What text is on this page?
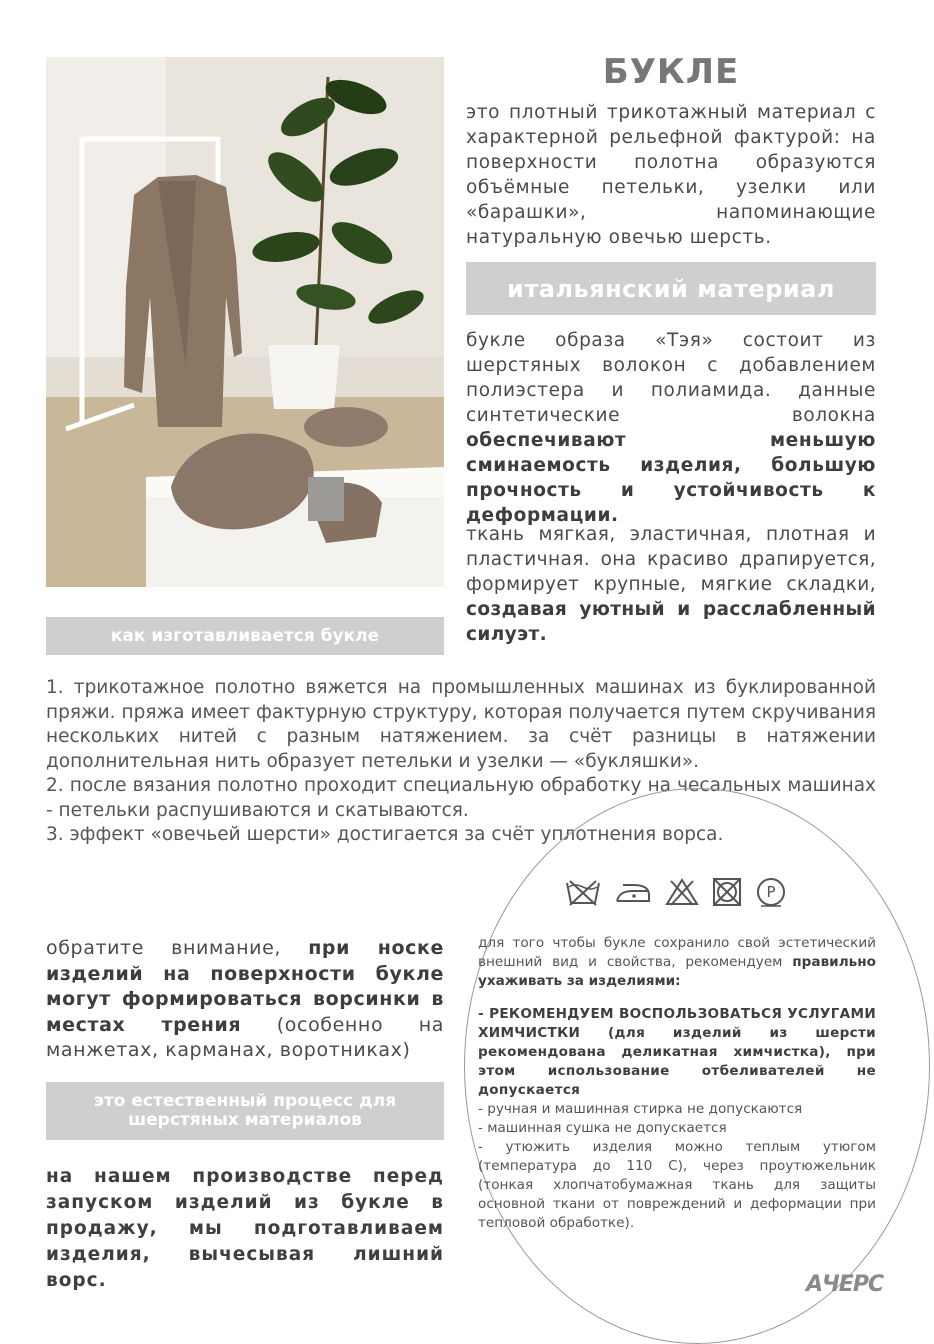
БУКЛЕ
это плотный трикотажный материал с характерной рельефной фактурой: на поверхности полотна образуются объёмные петельки, узелки или «барашки», напоминающие натуральную овечью шерсть.
итальянский материал
букле образа «Тэя» состоит из шерстяных волокон с добавлением полиэстера и полиамида. данные синтетические волокна обеспечивают меньшую сминаемость изделия, большую прочность и устойчивость к деформации.
ткань мягкая, эластичная, плотная и пластичная. она красиво драпируется, формирует крупные, мягкие складки, создавая уютный и расслабленный силуэт.
как изготавливается букле

1. трикотажное полотно вяжется на промышленных машинах из буклированной пряжи. пряжа имеет фактурную структуру, которая получается путем скручивания нескольких нитей с разным натяжением. за счёт разницы в натяжении дополнительная нить образует петельки и узелки — «букляшки».

2. после вязания полотно проходит специальную обработку на чесальных машинах - петельки распушиваются и скатываются.

3. эффект «овечьей шерсти» достигается за счёт уплотнения ворса.

P
для того чтобы букле сохранило свой эстетический внешний вид и свойства, рекомендуем правильно ухаживать за изделиями:
- РЕКОМЕНДУЕМ ВОСПОЛЬЗОВАТЬСЯ УСЛУГАМИ ХИМЧИСТКИ (для изделий из шерсти рекомендована деликатная химчистка), при этом использование отбеливателей не допускается
- ручная и машинная стирка не допускаются
- машинная сушка не допускается
- утюжить изделия можно теплым утюгом (температура до 110 С), через проутюжельник (тонкая хлопчатобумажная ткань для защиты основной ткани от повреждений и деформации при тепловой обработке).
обратите внимание, при носке изделий на поверхности букле могут формироваться ворсинки в местах трения (особенно на манжетах, карманах, воротниках)
это естественный процесс для шерстяных материалов
на нашем производстве перед запуском изделий из букле в продажу, мы подготавливаем изделия, вычесывая лишний ворс.	АЧЕРС
